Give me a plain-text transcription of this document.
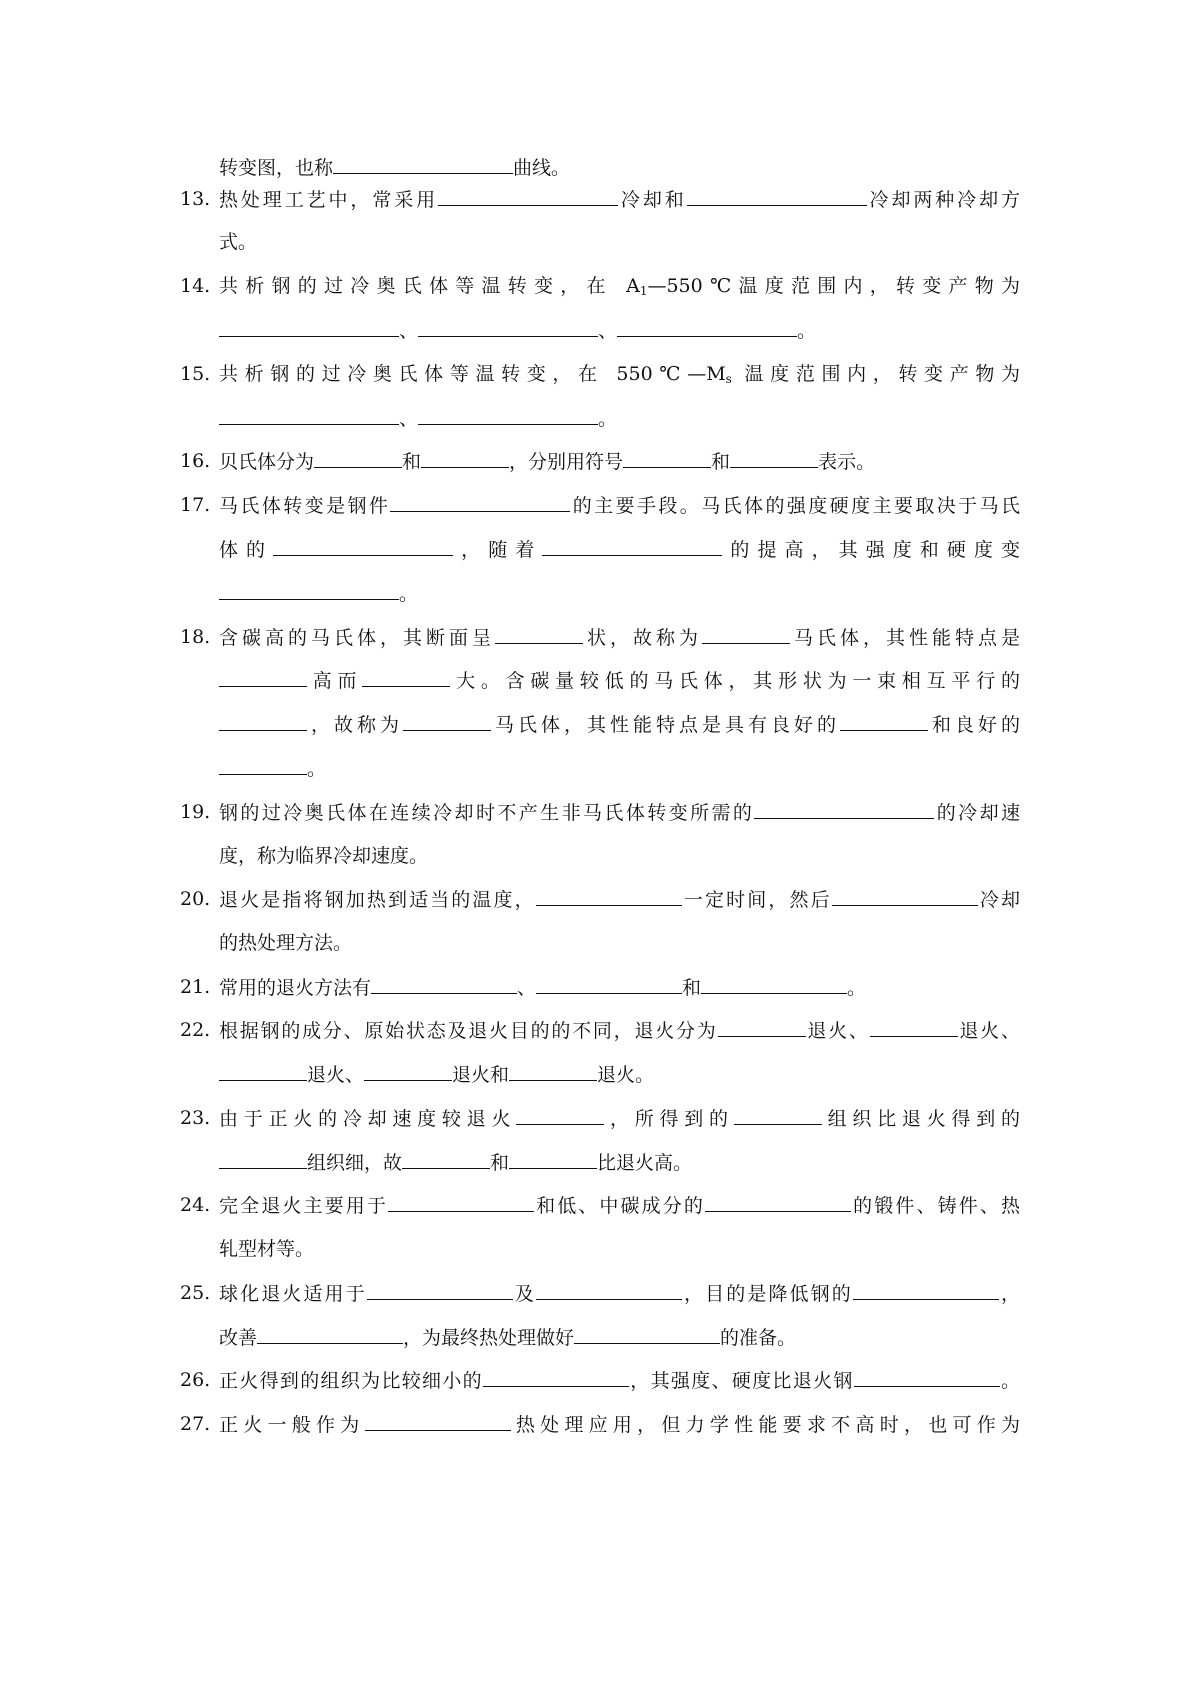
转变图，也称	曲线。
13. 热处理工艺中，常采用	冷却和	冷却两种冷却方
式。
14. 共析钢的过冷奥氏体等温转变，在 $A_1—550℃$温度范围内，转变产物为
、	、	。
15. 共析钢的过冷奥氏体等温转变，在 $550℃—M_s$ 温度范围内，转变产物为
、	。
16. 贝氏体分为	和	，分别用符号	和	表示。
17. 马氏体转变是钢件	的主要手段。马氏体的强度硬度主要取决于马氏
体的	，随着	的提高，其强度和硬度变
。
18. 含碳高的马氏体，其断面呈	状，故称为	马氏体，其性能特点是
高而	大。含碳量较低的马氏体，其形状为一束相互平行的
，故称为	马氏体，其性能特点是具有良好的	和良好的
。
19. 钢的过冷奥氏体在连续冷却时不产生非马氏体转变所需的	的冷却速
度，称为临界冷却速度。
20. 退火是指将钢加热到适当的温度，	一定时间，然后	冷却
的热处理方法。
21. 常用的退火方法有	、	和	。
22. 根据钢的成分、原始状态及退火目的的不同，退火分为	退火、	退火、
退火、	退火和	退火。
23. 由于正火的冷却速度较退火	，所得到的	组织比退火得到的
组织细，故	和	比退火高。
24. 完全退火主要用于	和低、中碳成分的	的锻件、铸件、热
轧型材等。
25. 球化退火适用于	及	，目的是降低钢的	，
改善	，为最终热处理做好	的准备。
26. 正火得到的组织为比较细小的	，其强度、硬度比退火钢	。
27. 正火一般作为	热处理应用，但力学性能要求不高时，也可作为
